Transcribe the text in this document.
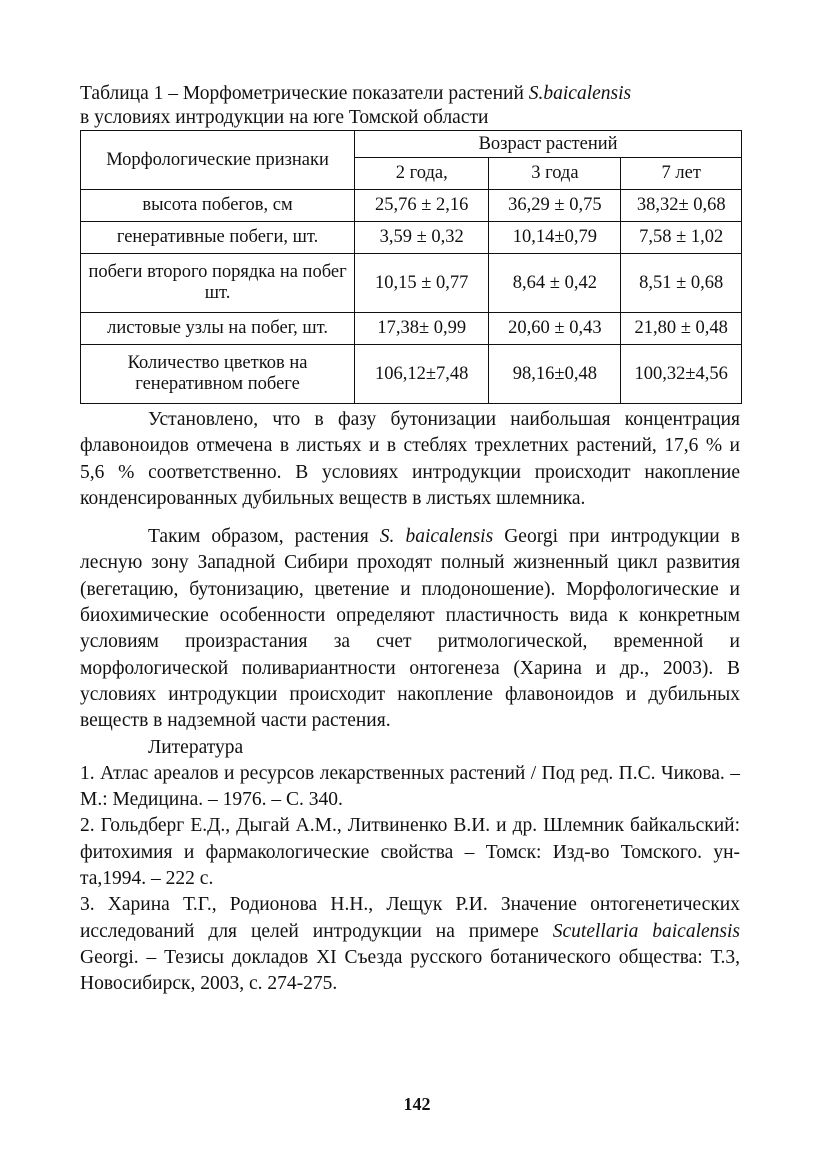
Таблица 1 – Морфометрические показатели растений S.baicalensis
в условиях интродукции на юге Томской области

Морфологические признаки	Возраст растений		
	2 года,	3 года	7 лет
высота побегов, см	25,76 ± 2,16	36,29 ± 0,75	38,32± 0,68
генеративные побеги, шт.	3,59 ± 0,32	10,14±0,79	7,58 ± 1,02
побеги второго порядка на побег шт.	10,15 ± 0,77	8,64 ± 0,42	8,51 ± 0,68
листовые узлы на побег, шт.	17,38± 0,99	20,60 ± 0,43	21,80 ± 0,48
Количество цветков на генеративном побеге	106,12±7,48	98,16±0,48	100,32±4,56

Установлено, что в фазу бутонизации наибольшая концентрация флавоноидов отмечена в листьях и в стеблях трехлетних растений, 17,6 % и 5,6 % соответственно. В условиях интродукции происходит накопление конденсированных дубильных веществ в листьях шлемника.

Таким образом, растения S. baicalensis Georgi при интродукции в лесную зону Западной Сибири проходят полный жизненный цикл развития (вегетацию, бутонизацию, цветение и плодоношение). Морфологические и биохимические особенности определяют пластичность вида к конкретным условиям произрастания за счет ритмологической, временной и морфологической поливариантности онтогенеза (Харина и др., 2003). В условиях интродукции происходит накопление флавоноидов и дубильных веществ в надземной части растения.

Литература

1. Атлас ареалов и ресурсов лекарственных растений / Под ред. П.С. Чикова. – М.: Медицина. – 1976. – С. 340.
2. Гольдберг Е.Д., Дыгай А.М., Литвиненко В.И. и др. Шлемник байкальский: фитохимия и фармакологические свойства – Томск: Изд-во Томского. ун-та,1994. – 222 с.
3. Харина Т.Г., Родионова Н.Н., Лещук Р.И. Значение онтогенетических исследований для целей интродукции на примере Scutellaria baicalensis Georgi. – Тезисы докладов XI Съезда русского ботанического общества: Т.3, Новосибирск, 2003, с. 274-275.
142
